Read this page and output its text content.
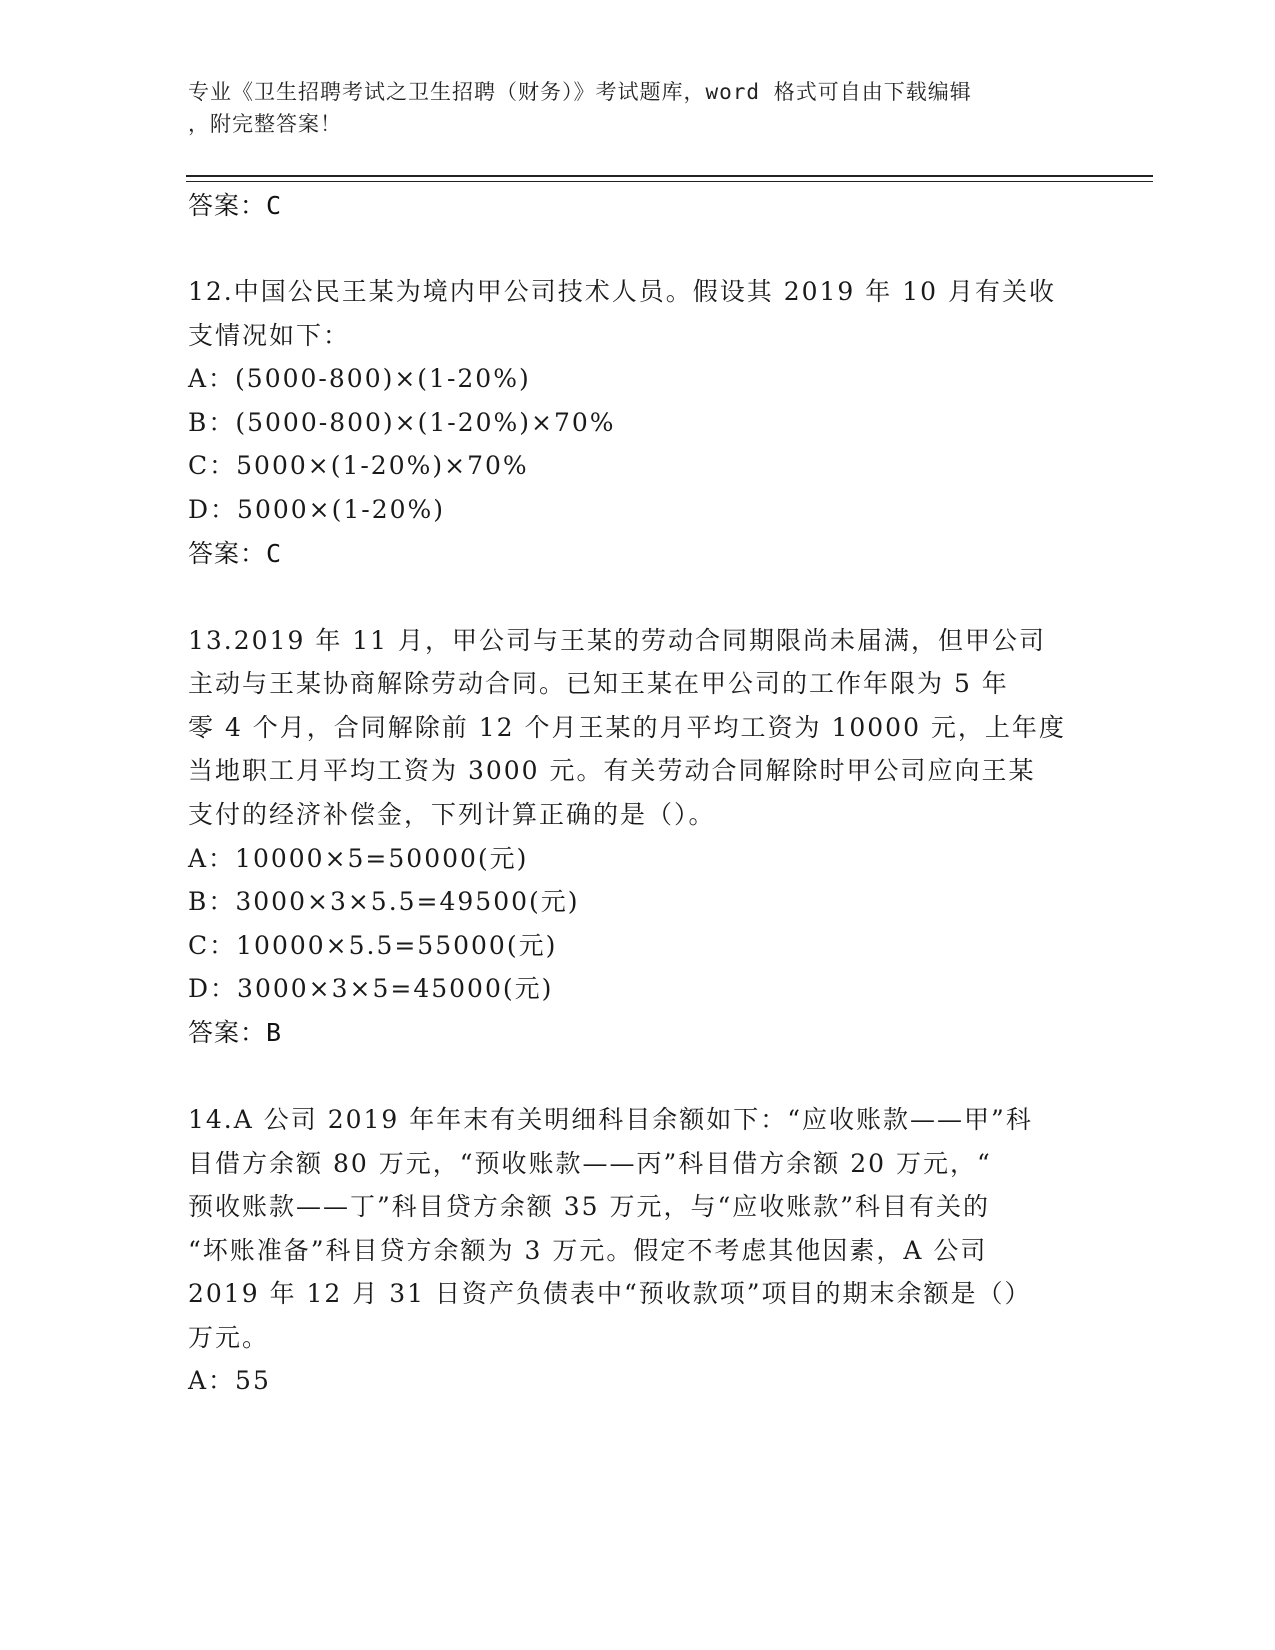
专业《卫生招聘考试之卫生招聘（财务）》考试题库，word 格式可自由下载编辑
，附完整答案！
答案：C
12.中国公民王某为境内甲公司技术人员。假设其 2019 年 10 月有关收
支情况如下：
A：(5000-800)×(1-20%)
B：(5000-800)×(1-20%)×70%
C：5000×(1-20%)×70%
D：5000×(1-20%)
答案：C
13.2019 年 11 月，甲公司与王某的劳动合同期限尚未届满，但甲公司
主动与王某协商解除劳动合同。已知王某在甲公司的工作年限为 5 年
零 4 个月，合同解除前 12 个月王某的月平均工资为 10000 元，上年度
当地职工月平均工资为 3000 元。有关劳动合同解除时甲公司应向王某
支付的经济补偿金，下列计算正确的是（）。
A：10000×5=50000(元)
B：3000×3×5.5=49500(元)
C：10000×5.5=55000(元)
D：3000×3×5=45000(元)
答案：B
14.A 公司 2019 年年末有关明细科目余额如下：“应收账款——甲”科
目借方余额 80 万元，“预收账款——丙”科目借方余额 20 万元，“
预收账款——丁”科目贷方余额 35 万元，与“应收账款”科目有关的
“坏账准备”科目贷方余额为 3 万元。假定不考虑其他因素，A 公司
2019 年 12 月 31 日资产负债表中“预收款项”项目的期末余额是（）
万元。
A：55
